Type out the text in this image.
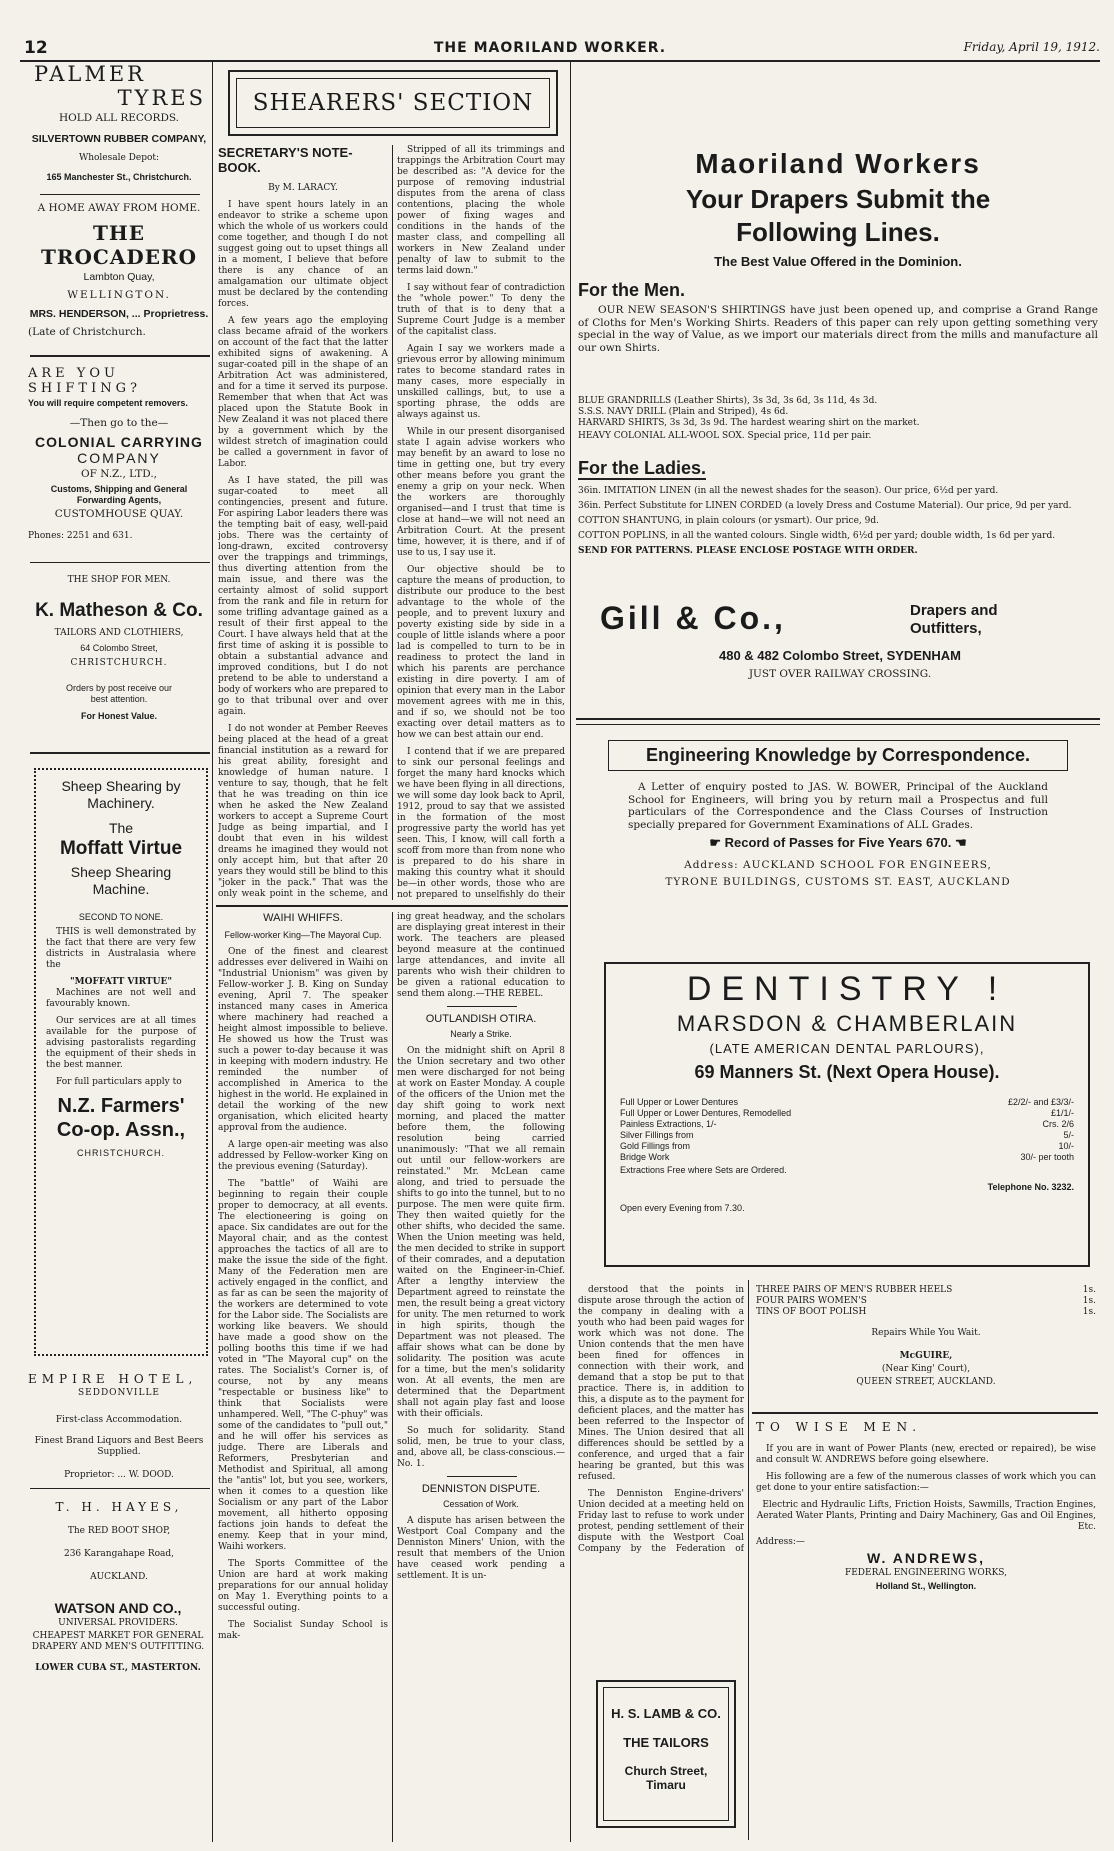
12	THE MAORILAND WORKER.	Friday, April 19, 1912.
PALMER
TYRES
HOLD ALL RECORDS.
SILVERTOWN RUBBER COMPANY,
Wholesale Depot:
165 Manchester St., Christchurch.
A HOME AWAY FROM HOME.
THE TROCADERO
Lambton Quay,
WELLINGTON.
MRS. HENDERSON, ... Proprietress.
(Late of Christchurch.
ARE YOU SHIFTING?
You will require competent removers.
—Then go to the—
COLONIAL CARRYING
COMPANY
OF N.Z., LTD.,
Customs, Shipping and General Forwarding Agents,
CUSTOMHOUSE QUAY.
Phones: 2251 and 631.
THE SHOP FOR MEN.
K. Matheson & Co.
TAILORS AND CLOTHIERS,
64 Colombo Street,
CHRISTCHURCH.
Orders by post receive our best attention.
For Honest Value.
Sheep Shearing by Machinery.
The
Moffatt Virtue
Sheep Shearing Machine.
SECOND TO NONE.

THIS is well demonstrated by the fact that there are very few districts in Australasia where the

"MOFFATT VIRTUE"

Machines are not well and favourably known.

Our services are at all times available for the purpose of advising pastoralists regarding the equipment of their sheds in the best manner.

For full particulars apply to

N.Z. Farmers'
Co-op. Assn.,
CHRISTCHURCH.
EMPIRE HOTEL,
SEDDONVILLE
First-class Accommodation.
Finest Brand Liquors and Best Beers Supplied.
Proprietor: ... W. DOOD.
T. H. HAYES,
The RED BOOT SHOP,
236 Karangahape Road,
AUCKLAND.
WATSON AND CO.,
UNIVERSAL PROVIDERS.
CHEAPEST MARKET FOR GENERAL DRAPERY AND MEN'S OUTFITTING.
LOWER CUBA ST., MASTERTON.
SHEARERS' SECTION
SECRETARY'S NOTE-BOOK.
By M. LARACY.

I have spent hours lately in an endeavor to strike a scheme upon which the whole of us workers could come together, and though I do not suggest going out to upset things all in a moment, I believe that before there is any chance of an amalgamation our ultimate object must be declared by the contending forces.

A few years ago the employing class became afraid of the workers on account of the fact that the latter exhibited signs of awakening. A sugar-coated pill in the shape of an Arbitration Act was administered, and for a time it served its purpose. Remember that when that Act was placed upon the Statute Book in New Zealand it was not placed there by a government which by the wildest stretch of imagination could be called a government in favor of Labor.

As I have stated, the pill was sugar-coated to meet all contingencies, present and future. For aspiring Labor leaders there was the tempting bait of easy, well-paid jobs. There was the certainty of long-drawn, excited controversy over the trappings and trimmings, thus diverting attention from the main issue, and there was the certainty almost of solid support from the rank and file in return for some trifling advantage gained as a result of their first appeal to the Court. I have always held that at the first time of asking it is possible to obtain a substantial advance and improved conditions, but I do not pretend to be able to understand a body of workers who are prepared to go to that tribunal over and over again.

I do not wonder at Pember Reeves being placed at the head of a great financial institution as a reward for his great ability, foresight and knowledge of human nature. I venture to say, though, that he felt that he was treading on thin ice when he asked the New Zealand workers to accept a Supreme Court Judge as being impartial, and I doubt that even in his wildest dreams he imagined they would not only accept him, but that after 20 years they would still be blind to this "joker in the pack." That was the only weak point in the scheme, and

Stripped of all its trimmings and trappings the Arbitration Court may be described as: "A device for the purpose of removing industrial disputes from the arena of class contentions, placing the whole power of fixing wages and conditions in the hands of the master class, and compelling all workers in New Zealand under penalty of law to submit to the terms laid down."

I say without fear of contradiction the "whole power." To deny the truth of that is to deny that a Supreme Court Judge is a member of the capitalist class.

Again I say we workers made a grievous error by allowing minimum rates to become standard rates in many cases, more especially in unskilled callings, but, to use a sporting phrase, the odds are always against us.

While in our present disorganised state I again advise workers who may benefit by an award to lose no time in getting one, but try every other means before you grant the enemy a grip on your neck. When the workers are thoroughly organised—and I trust that time is close at hand—we will not need an Arbitration Court. At the present time, however, it is there, and if of use to us, I say use it.

Our objective should be to capture the means of production, to distribute our produce to the best advantage to the whole of the people, and to prevent luxury and poverty existing side by side in a couple of little islands where a poor lad is compelled to turn to be in readiness to protect the land in which his parents are perchance existing in dire poverty. I am of opinion that every man in the Labor movement agrees with me in this, and if so, we should not be too exacting over detail matters as to how we can best attain our end.

I contend that if we are prepared to sink our personal feelings and forget the many hard knocks which we have been flying in all directions, we will some day look back to April, 1912, proud to say that we assisted in the formation of the most progressive party the world has yet seen. This, I know, will call forth a scoff from more than from none who is prepared to do his share in making this country what it should be—in other words, those who are not prepared to unselfishly do their

WAIHI WHIFFS.
Fellow-worker King—The Mayoral Cup.

One of the finest and clearest addresses ever delivered in Waihi on "Industrial Unionism" was given by Fellow-worker J. B. King on Sunday evening, April 7. The speaker instanced many cases in America where machinery had reached a height almost impossible to believe. He showed us how the Trust was such a power to-day because it was in keeping with modern industry. He reminded the number of accomplished in America to the highest in the world. He explained in detail the working of the new organisation, which elicited hearty approval from the audience.

A large open-air meeting was also addressed by Fellow-worker King on the previous evening (Saturday).

The "battle" of Waihi are beginning to regain their couple proper to democracy, at all events. The electioneering is going on apace. Six candidates are out for the Mayoral chair, and as the contest approaches the tactics of all are to make the issue the side of the fight. Many of the Federation men are actively engaged in the conflict, and as far as can be seen the majority of the workers are determined to vote for the Labor side. The Socialists are working like beavers. We should have made a good show on the polling booths this time if we had voted in "The Mayoral cup" on the rates. The Socialist's Corner is, of course, not by any means "respectable or business like" to think that Socialists were unhampered. Well, "The C-phuy" was some of the candidates to "pull out," and he will offer his services as judge. There are Liberals and Reformers, Presbyterian and Methodist and Spiritual, all among the "antis" lot, but you see, workers, when it comes to a question like Socialism or any part of the Labor movement, all hitherto opposing factions join hands to defeat the enemy. Keep that in your mind, Waihi workers.

The Sports Committee of the Union are hard at work making preparations for our annual holiday on May 1. Everything points to a successful outing.

The Socialist Sunday School is mak-

ing great headway, and the scholars are displaying great interest in their work. The teachers are pleased beyond measure at the continued large attendances, and invite all parents who wish their children to be given a rational education to send them along.—THE REBEL.

OUTLANDISH OTIRA.
Nearly a Strike.

On the midnight shift on April 8 the Union secretary and two other men were discharged for not being at work on Easter Monday. A couple of the officers of the Union met the day shift going to work next morning, and placed the matter before them, the following resolution being carried unanimously: "That we all remain out until our fellow-workers are reinstated." Mr. McLean came along, and tried to persuade the shifts to go into the tunnel, but to no purpose. The men were quite firm. They then waited quietly for the other shifts, who decided the same. When the Union meeting was held, the men decided to strike in support of their comrades, and a deputation waited on the Engineer-in-Chief. After a lengthy interview the Department agreed to reinstate the men, the result being a great victory for unity. The men returned to work in high spirits, though the Department was not pleased. The affair shows what can be done by solidarity. The position was acute for a time, but the men's solidarity won. At all events, the men are determined that the Department shall not again play fast and loose with their officials.

So much for solidarity. Stand solid, men, be true to your class, and, above all, be class-conscious.—No. 1.

DENNISTON DISPUTE.
Cessation of Work.

A dispute has arisen between the Westport Coal Company and the Denniston Miners' Union, with the result that members of the Union have ceased work pending a settlement. It is un-

Maoriland Workers
Your Drapers Submit the
Following Lines.
The Best Value Offered in the Dominion.
For the Men.

OUR NEW SEASON'S SHIRTINGS have just been opened up, and comprise a Grand Range of Cloths for Men's Working Shirts. Readers of this paper can rely upon getting something very special in the way of Value, as we import our materials direct from the mills and manufacture all our own Shirts.

BLUE GRANDRILLS (Leather Shirts), 3s 3d, 3s 6d, 3s 11d, 4s 3d.
S.S.S. NAVY DRILL (Plain and Striped), 4s 6d.
HARVARD SHIRTS, 3s 3d, 3s 9d. The hardest wearing shirt on the market.
HEAVY COLONIAL ALL-WOOL SOX. Special price, 11d per pair.
For the Ladies.
36in. IMITATION LINEN (in all the newest shades for the season). Our price, 6½d per yard.
36in. Perfect Substitute for LINEN CORDED (a lovely Dress and Costume Material). Our price, 9d per yard.
COTTON SHANTUNG, in plain colours (or ysmart). Our price, 9d.
COTTON POPLINS, in all the wanted colours. Single width, 6½d per yard; double width, 1s 6d per yard.
SEND FOR PATTERNS. PLEASE ENCLOSE POSTAGE WITH ORDER.
Gill & Co.,	Drapers and
Outfitters,
480 & 482 Colombo Street, SYDENHAM
JUST OVER RAILWAY CROSSING.
Engineering Knowledge by Correspondence.

A Letter of enquiry posted to JAS. W. BOWER, Principal of the Auckland School for Engineers, will bring you by return mail a Prospectus and full particulars of the Correspondence and the Class Courses of Instruction specially prepared for Government Examinations of ALL Grades.

☛ Record of Passes for Five Years 670. ☚
Address: AUCKLAND SCHOOL FOR ENGINEERS,
TYRONE BUILDINGS, CUSTOMS ST. EAST, AUCKLAND
DENTISTRY !
MARSDON & CHAMBERLAIN
(LATE AMERICAN DENTAL PARLOURS),
69 Manners St. (Next Opera House).
Full Upper or Lower Dentures	£2/2/- and £3/3/-
Full Upper or Lower Dentures, Remodelled	£1/1/-
Painless Extractions, 1/-	Crs. 2/6
Silver Fillings from	5/-
Gold Fillings from	10/-
Bridge Work	30/- per tooth
Extractions Free where Sets are Ordered.
Telephone No. 3232.
Open every Evening from 7.30.

derstood that the points in dispute arose through the action of the company in dealing with a youth who had been paid wages for work which was not done. The Union contends that the men have been fined for offences in connection with their work, and demand that a stop be put to that practice. There is, in addition to this, a dispute as to the payment for deficient places, and the matter has been referred to the Inspector of Mines. The Union desired that all differences should be settled by a conference, and urged that a fair hearing be granted, but this was refused.

The Denniston Engine-drivers' Union decided at a meeting held on Friday last to refuse to work under protest, pending settlement of their dispute with the Westport Coal Company by the Federation of

H. S. LAMB & CO.
THE TAILORS
Church Street, Timaru
THREE PAIRS OF MEN'S RUBBER HEELS	1s.
FOUR PAIRS WOMEN'S	1s.
TINS OF BOOT POLISH	1s.
Repairs While You Wait.
McGUIRE,
(Near King' Court),
QUEEN STREET, AUCKLAND.
TO WISE MEN.

If you are in want of Power Plants (new, erected or repaired), be wise and consult W. ANDREWS before going elsewhere.

His following are a few of the numerous classes of work which you can get done to your entire satisfaction:—

Electric and Hydraulic Lifts, Friction Hoists, Sawmills, Traction Engines, Aerated Water Plants, Printing and Dairy Machinery, Gas and Oil Engines, Etc.

Address:—
W. ANDREWS,
FEDERAL ENGINEERING WORKS,
Holland St., Wellington.
